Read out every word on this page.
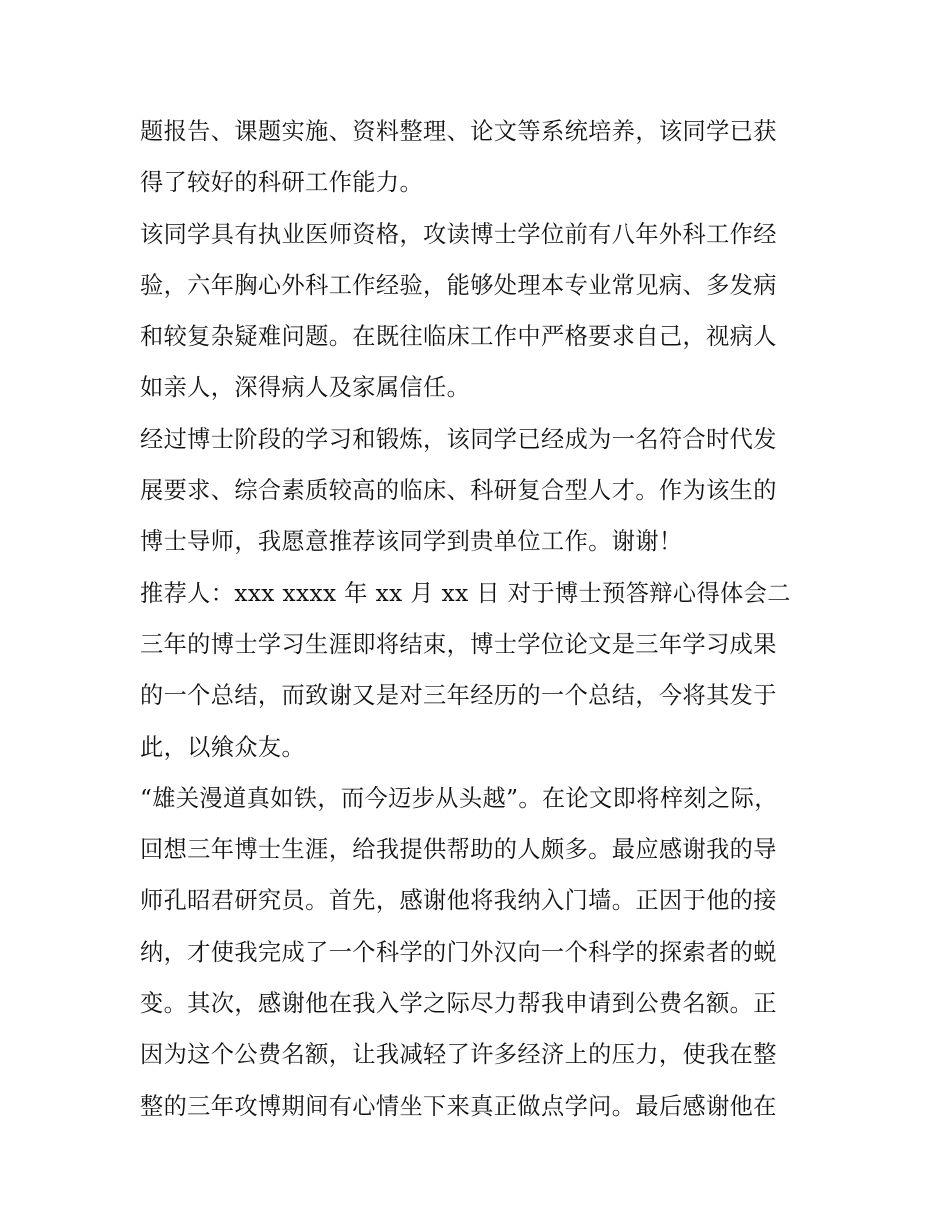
题报告、课题实施、资料整理、论文等系统培养，该同学已获
得了较好的科研工作能力。
该同学具有执业医师资格，攻读博士学位前有八年外科工作经
验，六年胸心外科工作经验，能够处理本专业常见病、多发病
和较复杂疑难问题。在既往临床工作中严格要求自己，视病人
如亲人，深得病人及家属信任。
经过博士阶段的学习和锻炼，该同学已经成为一名符合时代发
展要求、综合素质较高的临床、科研复合型人才。作为该生的
博士导师，我愿意推荐该同学到贵单位工作。谢谢！
推荐人：xxx xxxx 年 xx 月 xx 日 对于博士预答辩心得体会二
三年的博士学习生涯即将结束，博士学位论文是三年学习成果
的一个总结，而致谢又是对三年经历的一个总结，今将其发于
此，以飨众友。
“雄关漫道真如铁，而今迈步从头越”。在论文即将梓刻之际，
回想三年博士生涯，给我提供帮助的人颇多。最应感谢我的导
师孔昭君研究员。首先，感谢他将我纳入门墙。正因于他的接
纳，才使我完成了一个科学的门外汉向一个科学的探索者的蜕
变。其次，感谢他在我入学之际尽力帮我申请到公费名额。正
因为这个公费名额，让我减轻了许多经济上的压力，使我在整
整的三年攻博期间有心情坐下来真正做点学问。最后感谢他在
